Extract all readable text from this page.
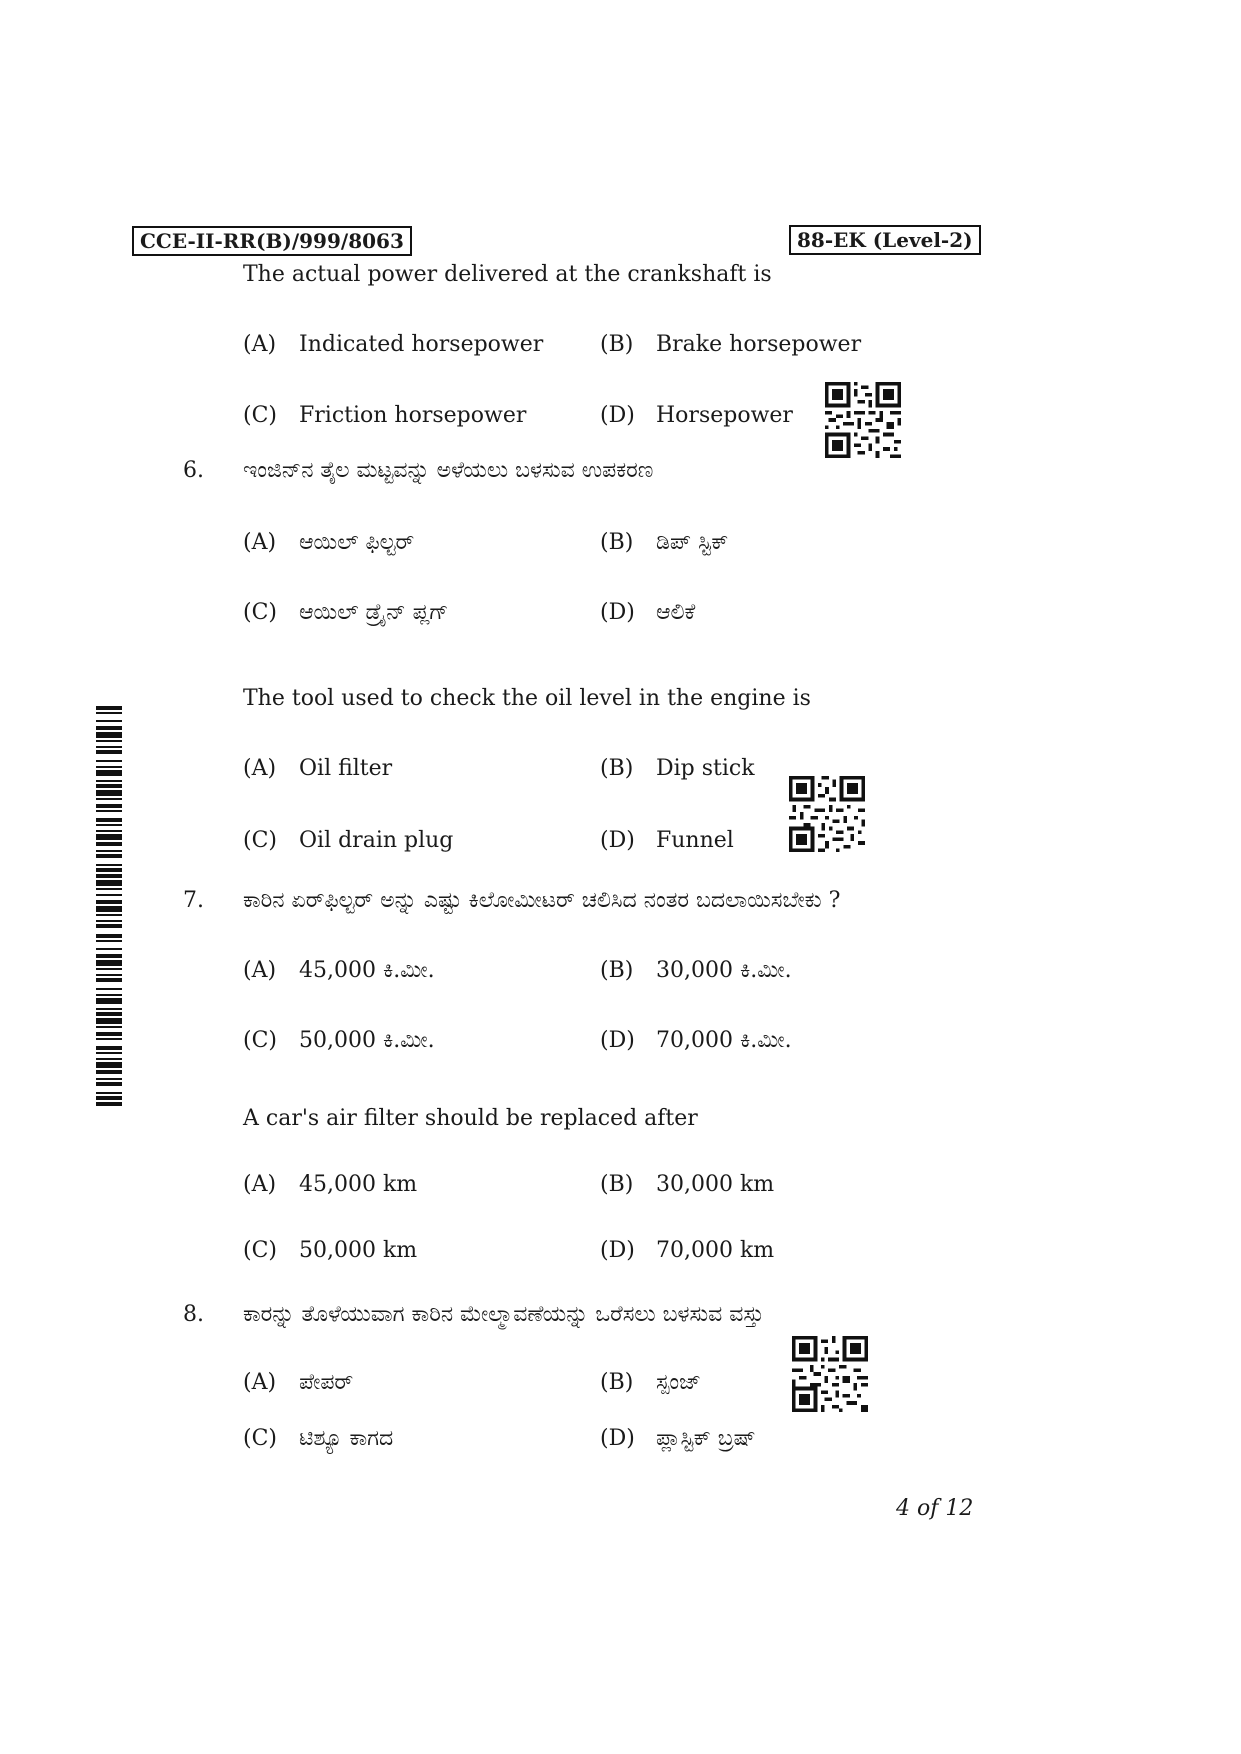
CCE-II-RR(B)/999/8063	88-EK (Level-2)
The actual power delivered at the crankshaft is
(A) Indicated horsepower	(B) Brake horsepower
(C) Friction horsepower	(D) Horsepower
6. ಇಂಜಿನ್‌ನ ತೈಲ ಮಟ್ಟವನ್ನು ಅಳೆಯಲು ಬಳಸುವ ಉಪಕರಣ
(A) ಆಯಿಲ್ ಫಿಲ್ಟರ್	(B) ಡಿಪ್ ಸ್ಟಿಕ್
(C) ಆಯಿಲ್ ಡ್ರೈನ್ ಪ್ಲಗ್	(D) ಆಲಿಕೆ
The tool used to check the oil level in the engine is
(A) Oil filter	(B) Dip stick
(C) Oil drain plug	(D) Funnel
7. ಕಾರಿನ ಏರ್‌ಫಿಲ್ಟರ್ ಅನ್ನು ಎಷ್ಟು ಕಿಲೋಮೀಟರ್ ಚಲಿಸಿದ ನಂತರ ಬದಲಾಯಿಸಬೇಕು ?
(A) 45,000 ಕಿ.ಮೀ.	(B) 30,000 ಕಿ.ಮೀ.
(C) 50,000 ಕಿ.ಮೀ.	(D) 70,000 ಕಿ.ಮೀ.
A car's air filter should be replaced after
(A) 45,000 km	(B) 30,000 km
(C) 50,000 km	(D) 70,000 km
8. ಕಾರನ್ನು ತೊಳೆಯುವಾಗ ಕಾರಿನ ಮೇಲ್ಮಾವಣೆಯನ್ನು ಒರೆಸಲು ಬಳಸುವ ವಸ್ತು
(A) ಪೇಪರ್	(B) ಸ್ಪಂಜ್
(C) ಟಿಶ್ಯೂ ಕಾಗದ	(D) ಪ್ಲಾಸ್ಟಿಕ್ ಬ್ರಷ್
4 of 12
